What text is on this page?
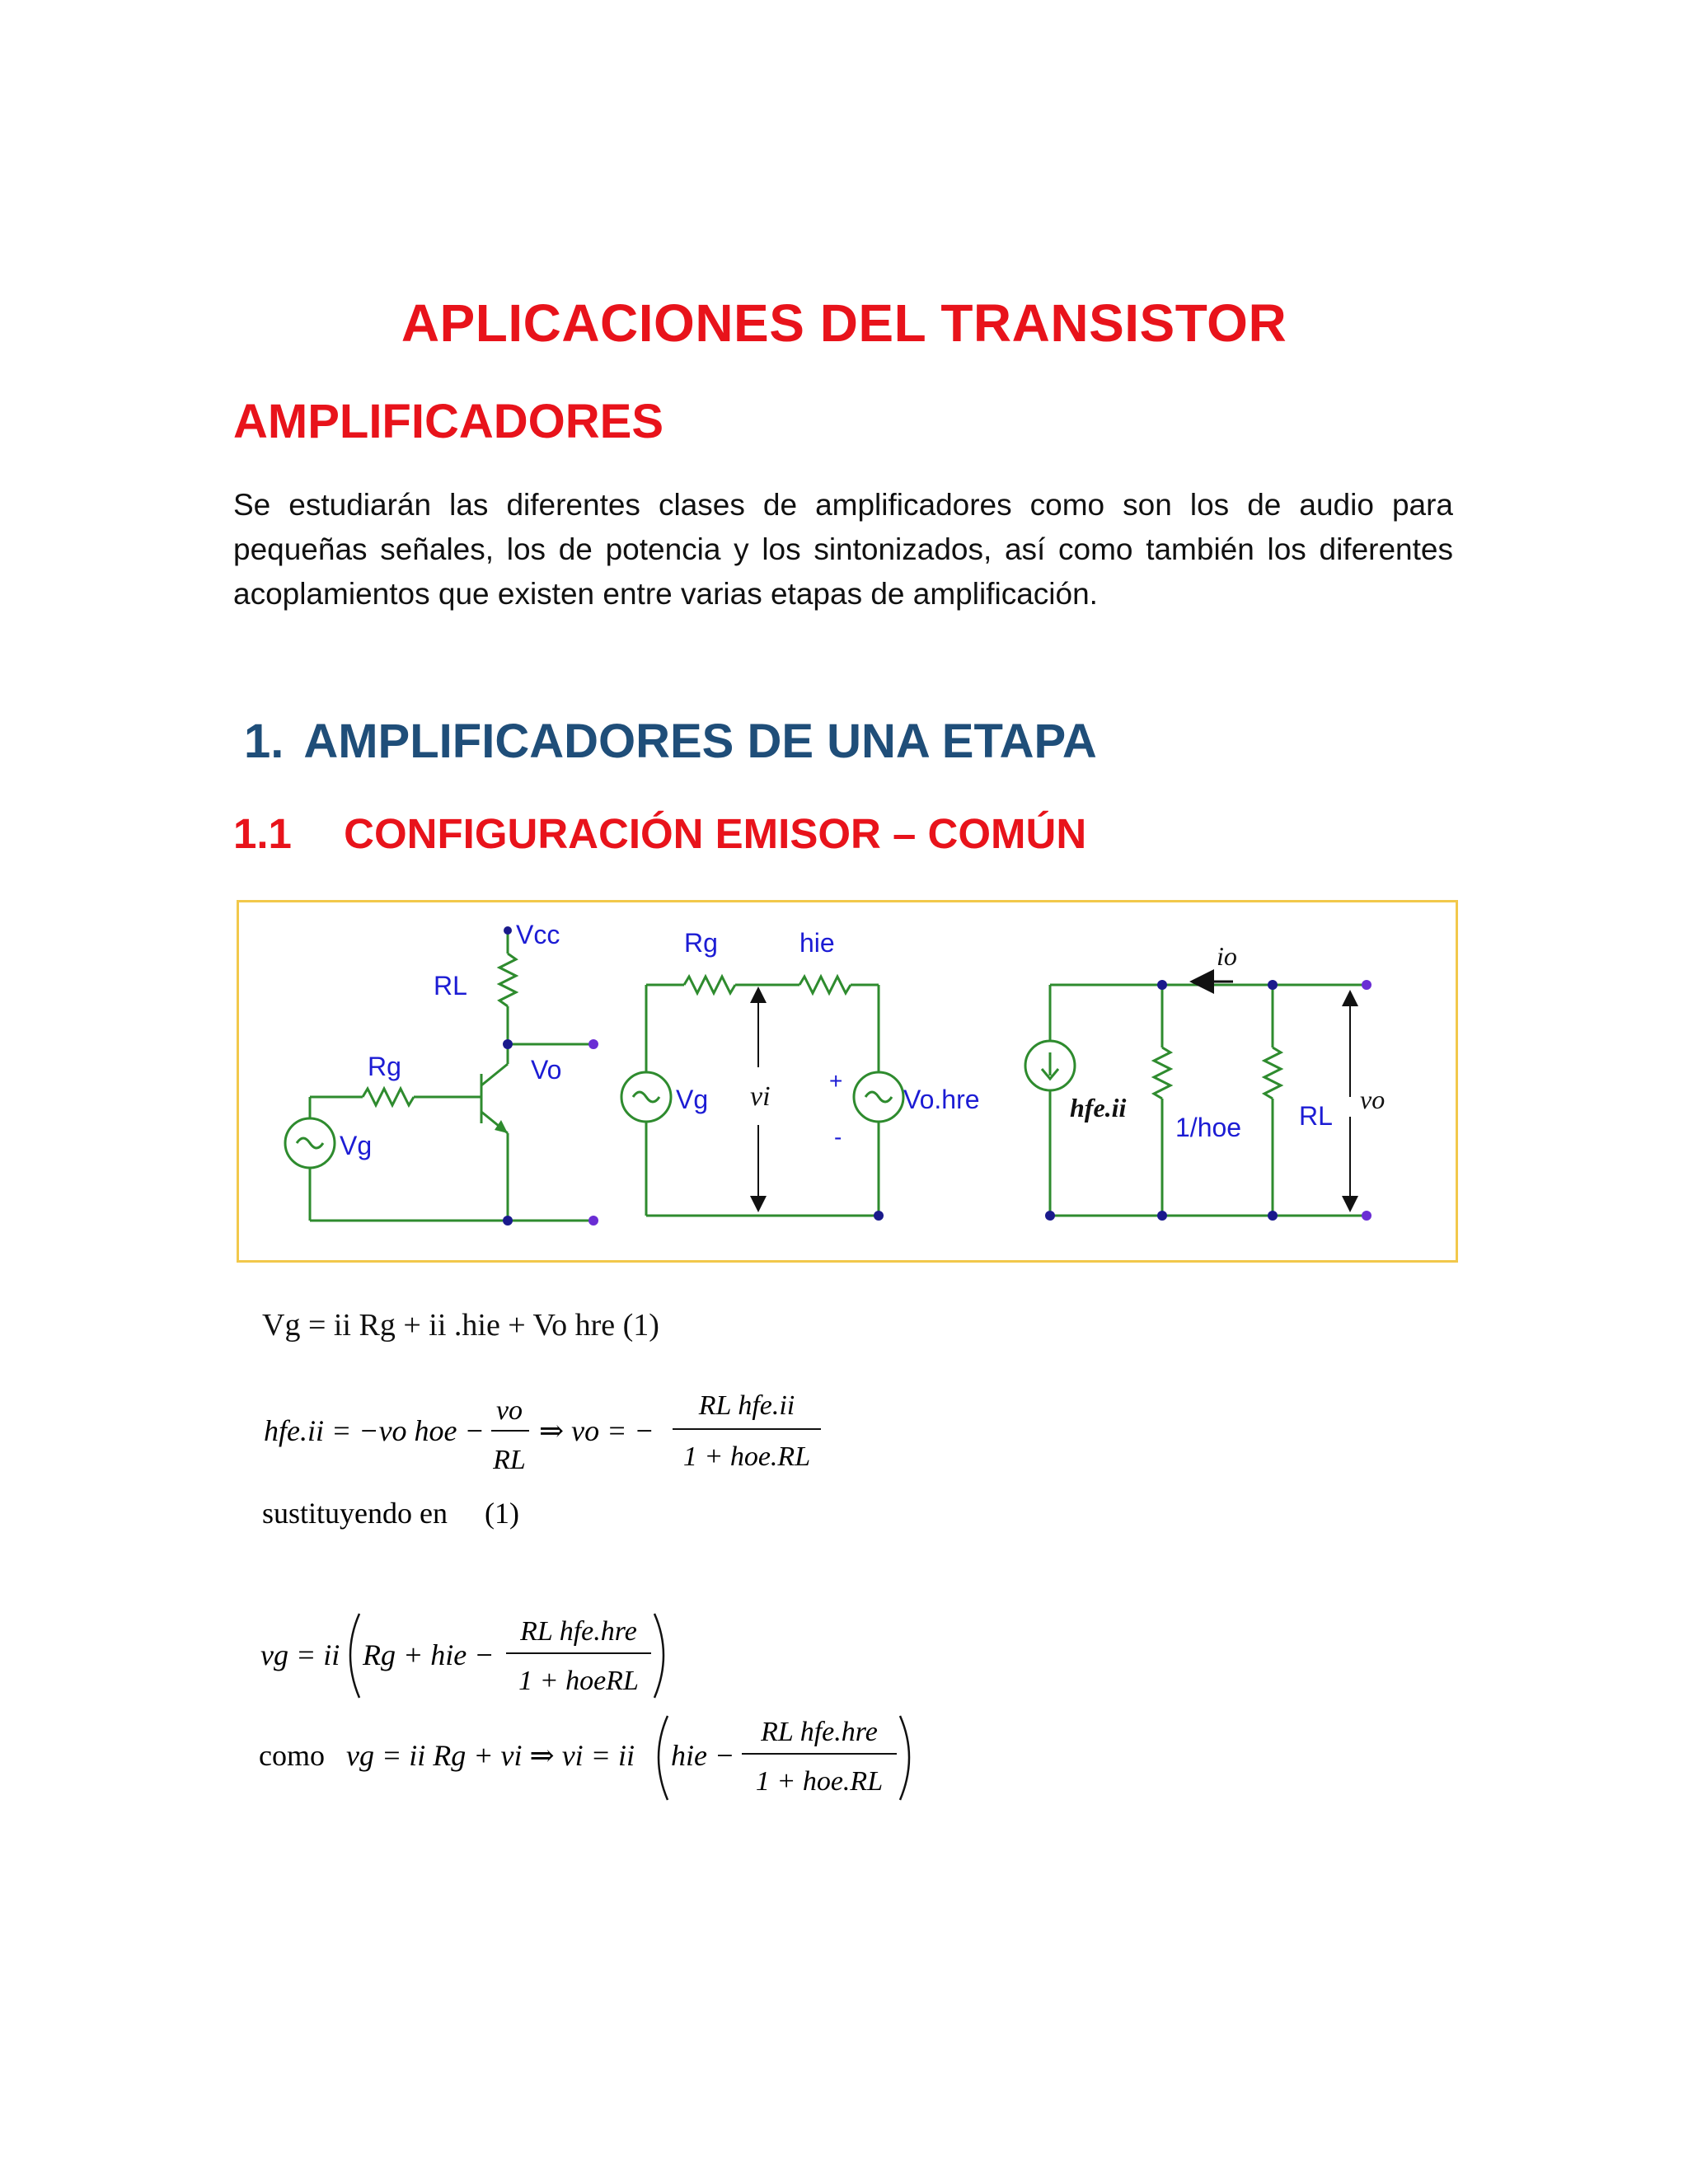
APLICACIONES DEL TRANSISTOR
AMPLIFICADORES

Se estudiarán las diferentes clases de amplificadores como son los de audio para pequeñas señales, los de potencia y los sintonizados, así como también los diferentes acoplamientos que existen entre varias etapas de amplificación.

1. AMPLIFICADORES DE UNA ETAPA
1.1 CONFIGURACIÓN EMISOR – COMÚN
Vcc
RL
Rg	Vo
Vg
Rg	hie
Vg	Vo.hre
vi
+
-
io
hfe.ii
1/hoe RL
vo
Vg = ii Rg + ii .hie + Vo hre (1)
hfe.ii = −vo hoe −
vo
RL
⇒ vo = −
RL hfe.ii
1 + hoe.RL
sustituyendo en (1)
vg = ii Rg + hie −
RL hfe.hre
1 + hoeRL
como vg = ii Rg + vi ⇒ vi = ii hie −
RL hfe.hre
1 + hoe.RL
